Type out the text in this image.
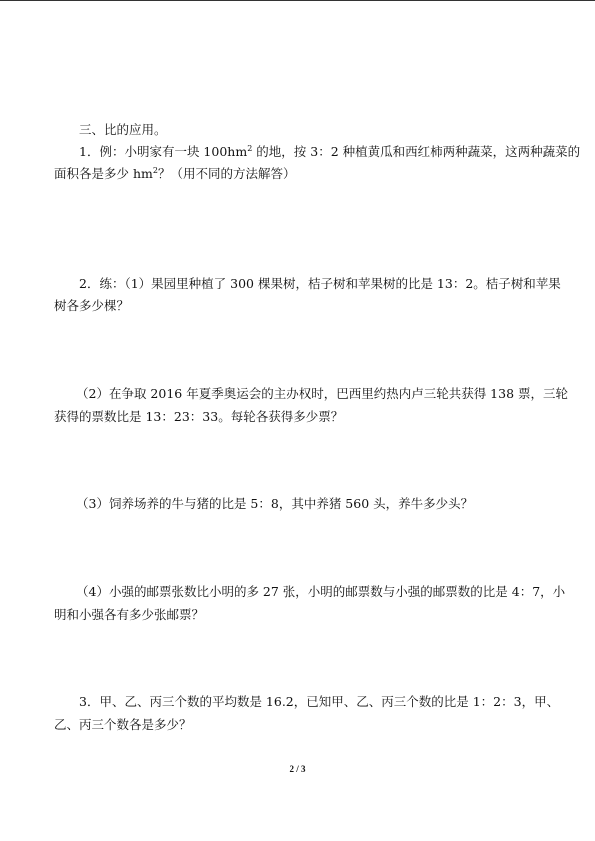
三、比的应用。
1．例：小明家有一块 $100hm^2$ 的地，按 3：2 种植黄瓜和西红柿两种蔬菜，这两种蔬菜的
面积各是多少 $hm^2$？（用不同的方法解答）
2．练：（1）果园里种植了 300 棵果树，桔子树和苹果树的比是 13：2。桔子树和苹果
树各多少棵？
（2）在争取 2016 年夏季奥运会的主办权时，巴西里约热内卢三轮共获得 138 票，三轮
获得的票数比是 13：23：33。每轮各获得多少票？
（3）饲养场养的牛与猪的比是 5：8，其中养猪 560 头，养牛多少头？
（4）小强的邮票张数比小明的多 27 张，小明的邮票数与小强的邮票数的比是 4：7，小
明和小强各有多少张邮票？
3．甲、乙、丙三个数的平均数是 16.2，已知甲、乙、丙三个数的比是 1：2：3，甲、
乙、丙三个数各是多少？
2 / 3
